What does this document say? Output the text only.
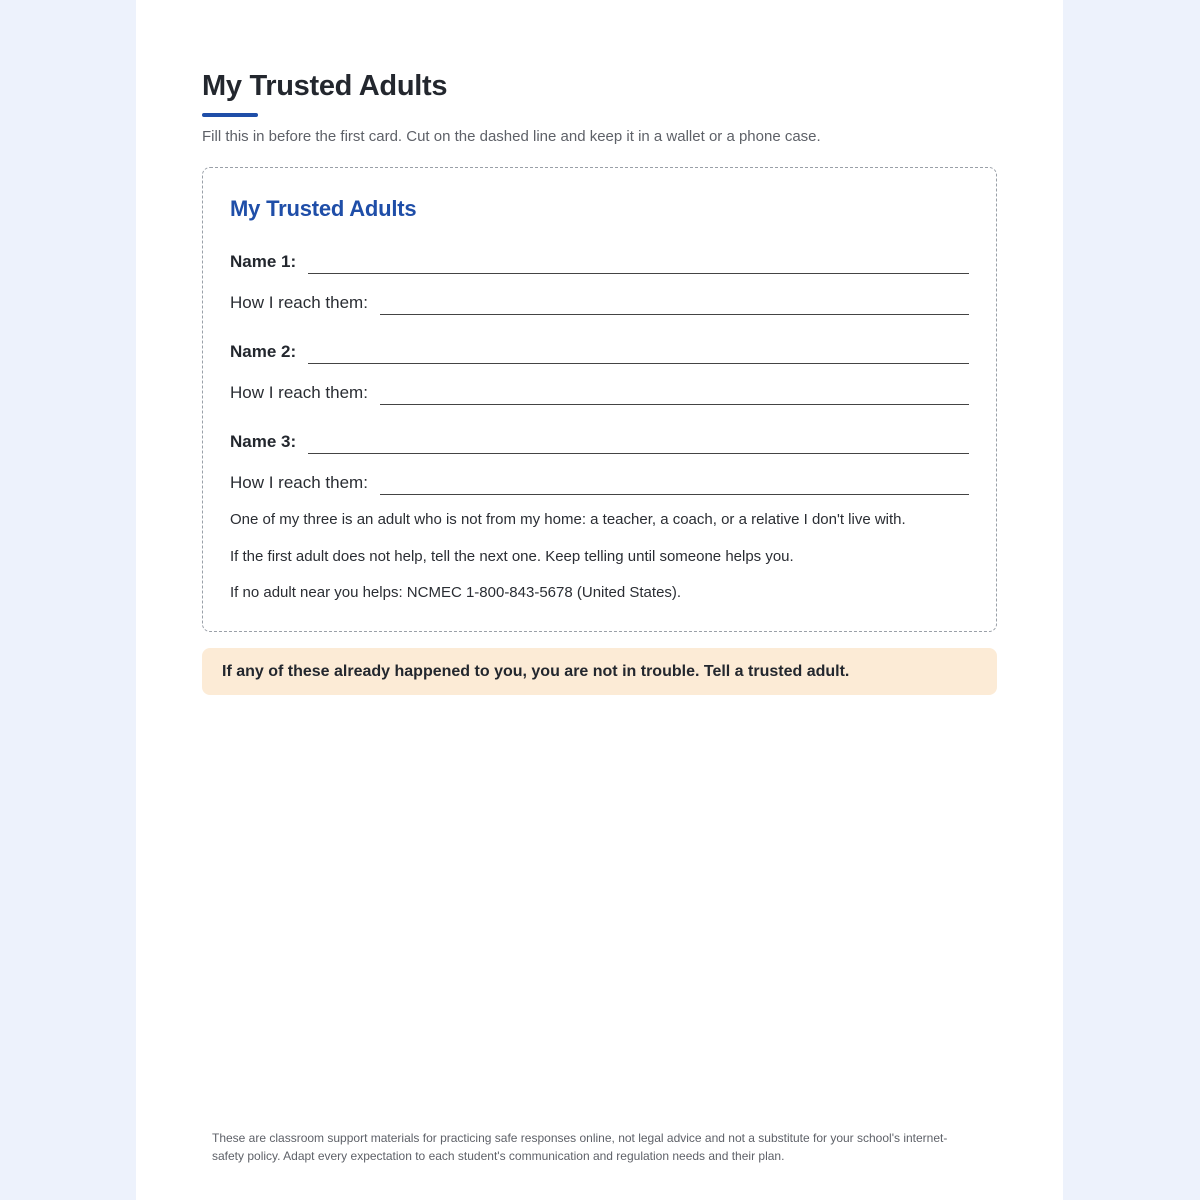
My Trusted Adults

Fill this in before the first card. Cut on the dashed line and keep it in a wallet or a phone case.

My Trusted Adults
Name 1:
How I reach them:
Name 2:
How I reach them:
Name 3:
How I reach them:

One of my three is an adult who is not from my home: a teacher, a coach, or a relative I don't live with.

If the first adult does not help, tell the next one. Keep telling until someone helps you.

If no adult near you helps: NCMEC 1-800-843-5678 (United States).

If any of these already happened to you, you are not in trouble. Tell a trusted adult.

These are classroom support materials for practicing safe responses online, not legal advice and not a substitute for your school's internet-safety policy. Adapt every expectation to each student's communication and regulation needs and their plan.
